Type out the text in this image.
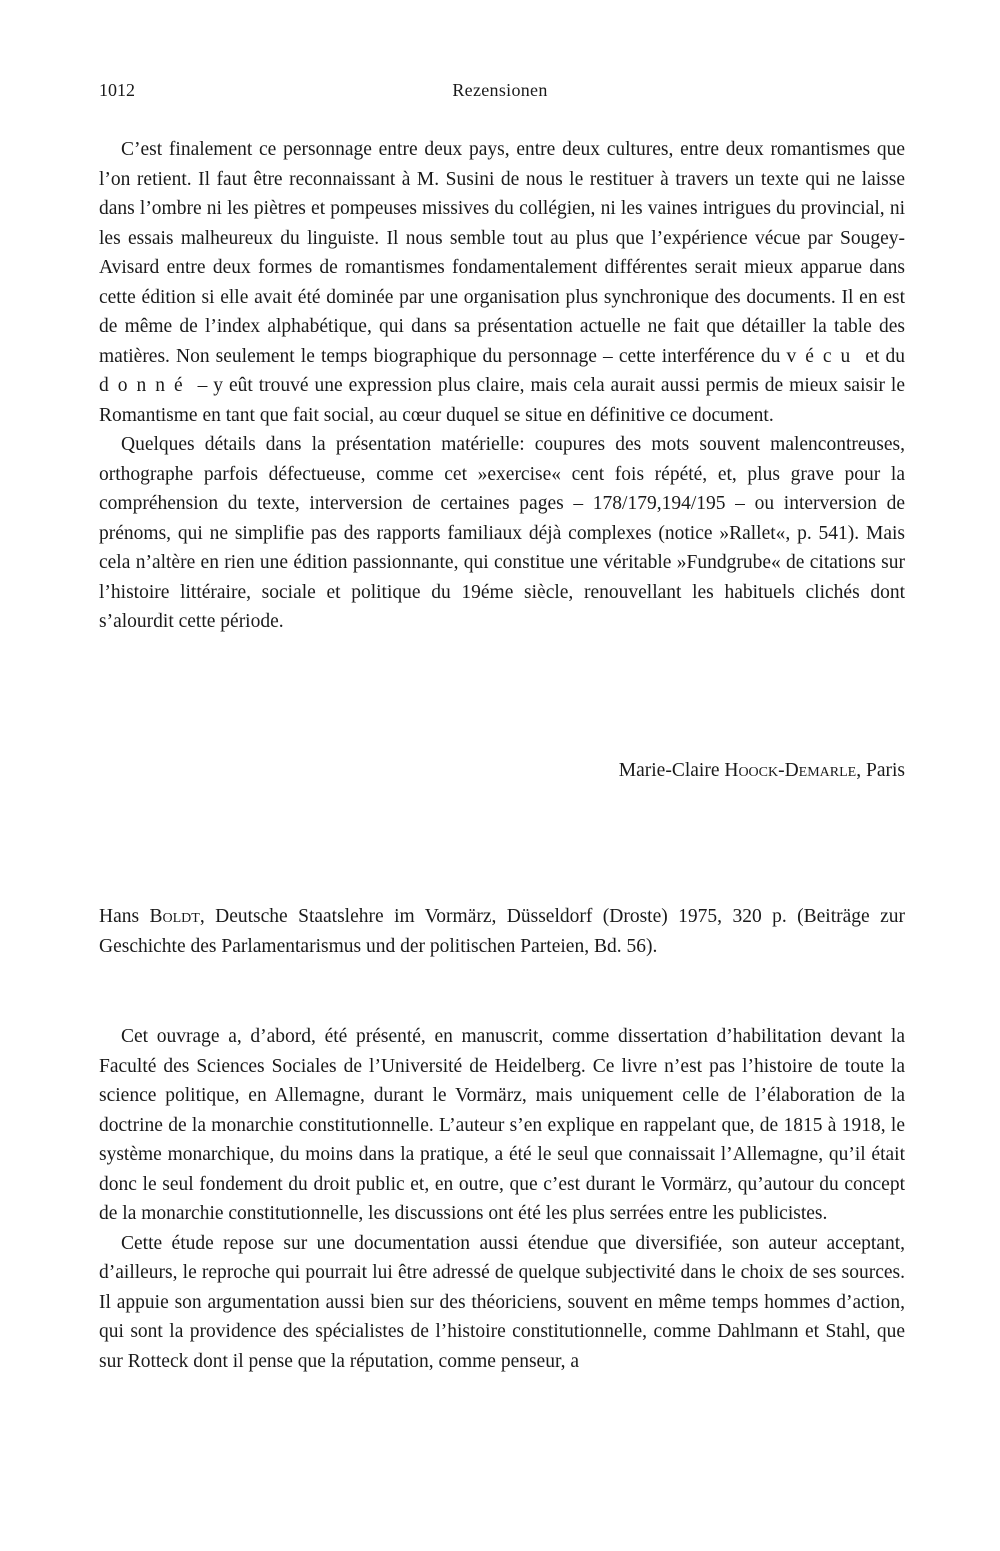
1012	Rezensionen

C’est finalement ce personnage entre deux pays, entre deux cultures, entre deux romantismes que l’on retient. Il faut être reconnaissant à M. Susini de nous le restituer à travers un texte qui ne laisse dans l’ombre ni les piètres et pompeuses missives du collégien, ni les vaines intrigues du provincial, ni les essais malheureux du linguiste. Il nous semble tout au plus que l’expérience vécue par Sougey-Avisard entre deux formes de romantismes fondamentalement différentes serait mieux apparue dans cette édition si elle avait été dominée par une organisation plus synchronique des documents. Il en est de même de l’index alphabétique, qui dans sa présentation actuelle ne fait que détailler la table des matières. Non seulement le temps biographique du personnage – cette interférence du vécu et du donné – y eût trouvé une expression plus claire, mais cela aurait aussi permis de mieux saisir le Romantisme en tant que fait social, au cœur duquel se situe en définitive ce document.

Quelques détails dans la présentation matérielle: coupures des mots souvent malencontreuses, orthographe parfois défectueuse, comme cet »exercise« cent fois répété, et, plus grave pour la compréhension du texte, interversion de certaines pages – 178/179,194/195 – ou interversion de prénoms, qui ne simplifie pas des rapports familiaux déjà complexes (notice »Rallet«, p. 541). Mais cela n’altère en rien une édition passionnante, qui constitue une véritable »Fundgrube« de citations sur l’histoire littéraire, sociale et politique du 19éme siècle, renouvellant les habituels clichés dont s’alourdit cette période.

Marie-Claire Hoock-Demarle, Paris
Hans Boldt, Deutsche Staatslehre im Vormärz, Düsseldorf (Droste) 1975, 320 p. (Beiträge zur Geschichte des Parlamentarismus und der politischen Parteien, Bd. 56).

Cet ouvrage a, d’abord, été présenté, en manuscrit, comme dissertation d’habilitation devant la Faculté des Sciences Sociales de l’Université de Heidelberg. Ce livre n’est pas l’histoire de toute la science politique, en Allemagne, durant le Vormärz, mais uniquement celle de l’élaboration de la doctrine de la monarchie constitutionnelle. L’auteur s’en explique en rappelant que, de 1815 à 1918, le système monarchique, du moins dans la pratique, a été le seul que connaissait l’Allemagne, qu’il était donc le seul fondement du droit public et, en outre, que c’est durant le Vormärz, qu’autour du concept de la monarchie constitutionnelle, les discussions ont été les plus serrées entre les publicistes.

Cette étude repose sur une documentation aussi étendue que diversifiée, son auteur acceptant, d’ailleurs, le reproche qui pourrait lui être adressé de quelque subjectivité dans le choix de ses sources. Il appuie son argumentation aussi bien sur des théoriciens, souvent en même temps hommes d’action, qui sont la providence des spécialistes de l’histoire constitutionnelle, comme Dahlmann et Stahl, que sur Rotteck dont il pense que la réputation, comme penseur, a
